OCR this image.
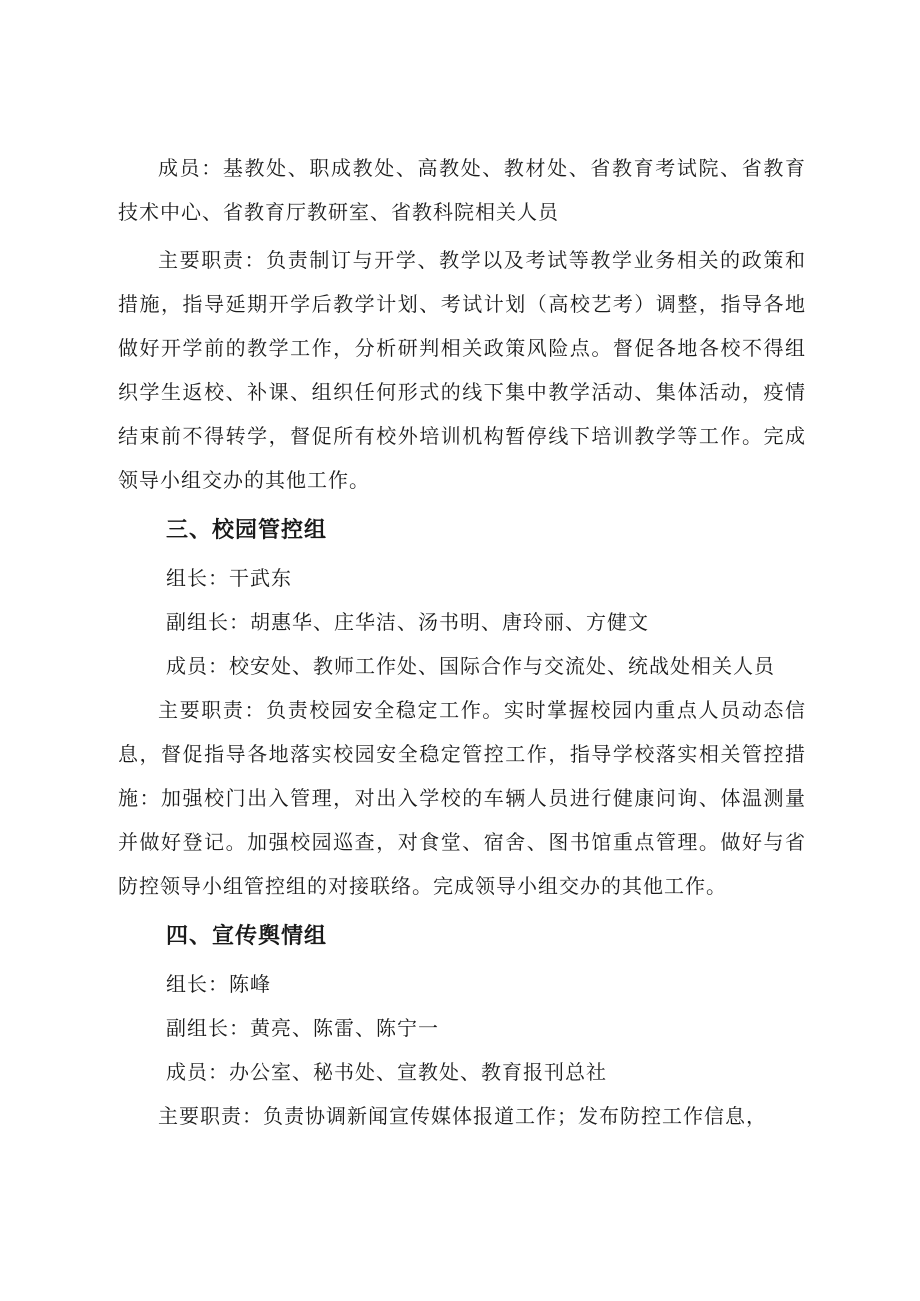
成员：基教处、职成教处、高教处、教材处、省教育考试院、省教育技术中心、省教育厅教研室、省教科院相关人员

主要职责：负责制订与开学、教学以及考试等教学业务相关的政策和措施，指导延期开学后教学计划、考试计划（高校艺考）调整，指导各地做好开学前的教学工作，分析研判相关政策风险点。督促各地各校不得组织学生返校、补课、组织任何形式的线下集中教学活动、集体活动，疫情结束前不得转学，督促所有校外培训机构暂停线下培训教学等工作。完成领导小组交办的其他工作。

三、校园管控组

组长：干武东

副组长：胡惠华、庄华洁、汤书明、唐玲丽、方健文

成员：校安处、教师工作处、国际合作与交流处、统战处相关人员

主要职责：负责校园安全稳定工作。实时掌握校园内重点人员动态信息，督促指导各地落实校园安全稳定管控工作，指导学校落实相关管控措施：加强校门出入管理，对出入学校的车辆人员进行健康问询、体温测量并做好登记。加强校园巡查，对食堂、宿舍、图书馆重点管理。做好与省防控领导小组管控组的对接联络。完成领导小组交办的其他工作。

四、宣传舆情组

组长：陈峰

副组长：黄亮、陈雷、陈宁一

成员：办公室、秘书处、宣教处、教育报刊总社

主要职责：负责协调新闻宣传媒体报道工作；发布防控工作信息，
